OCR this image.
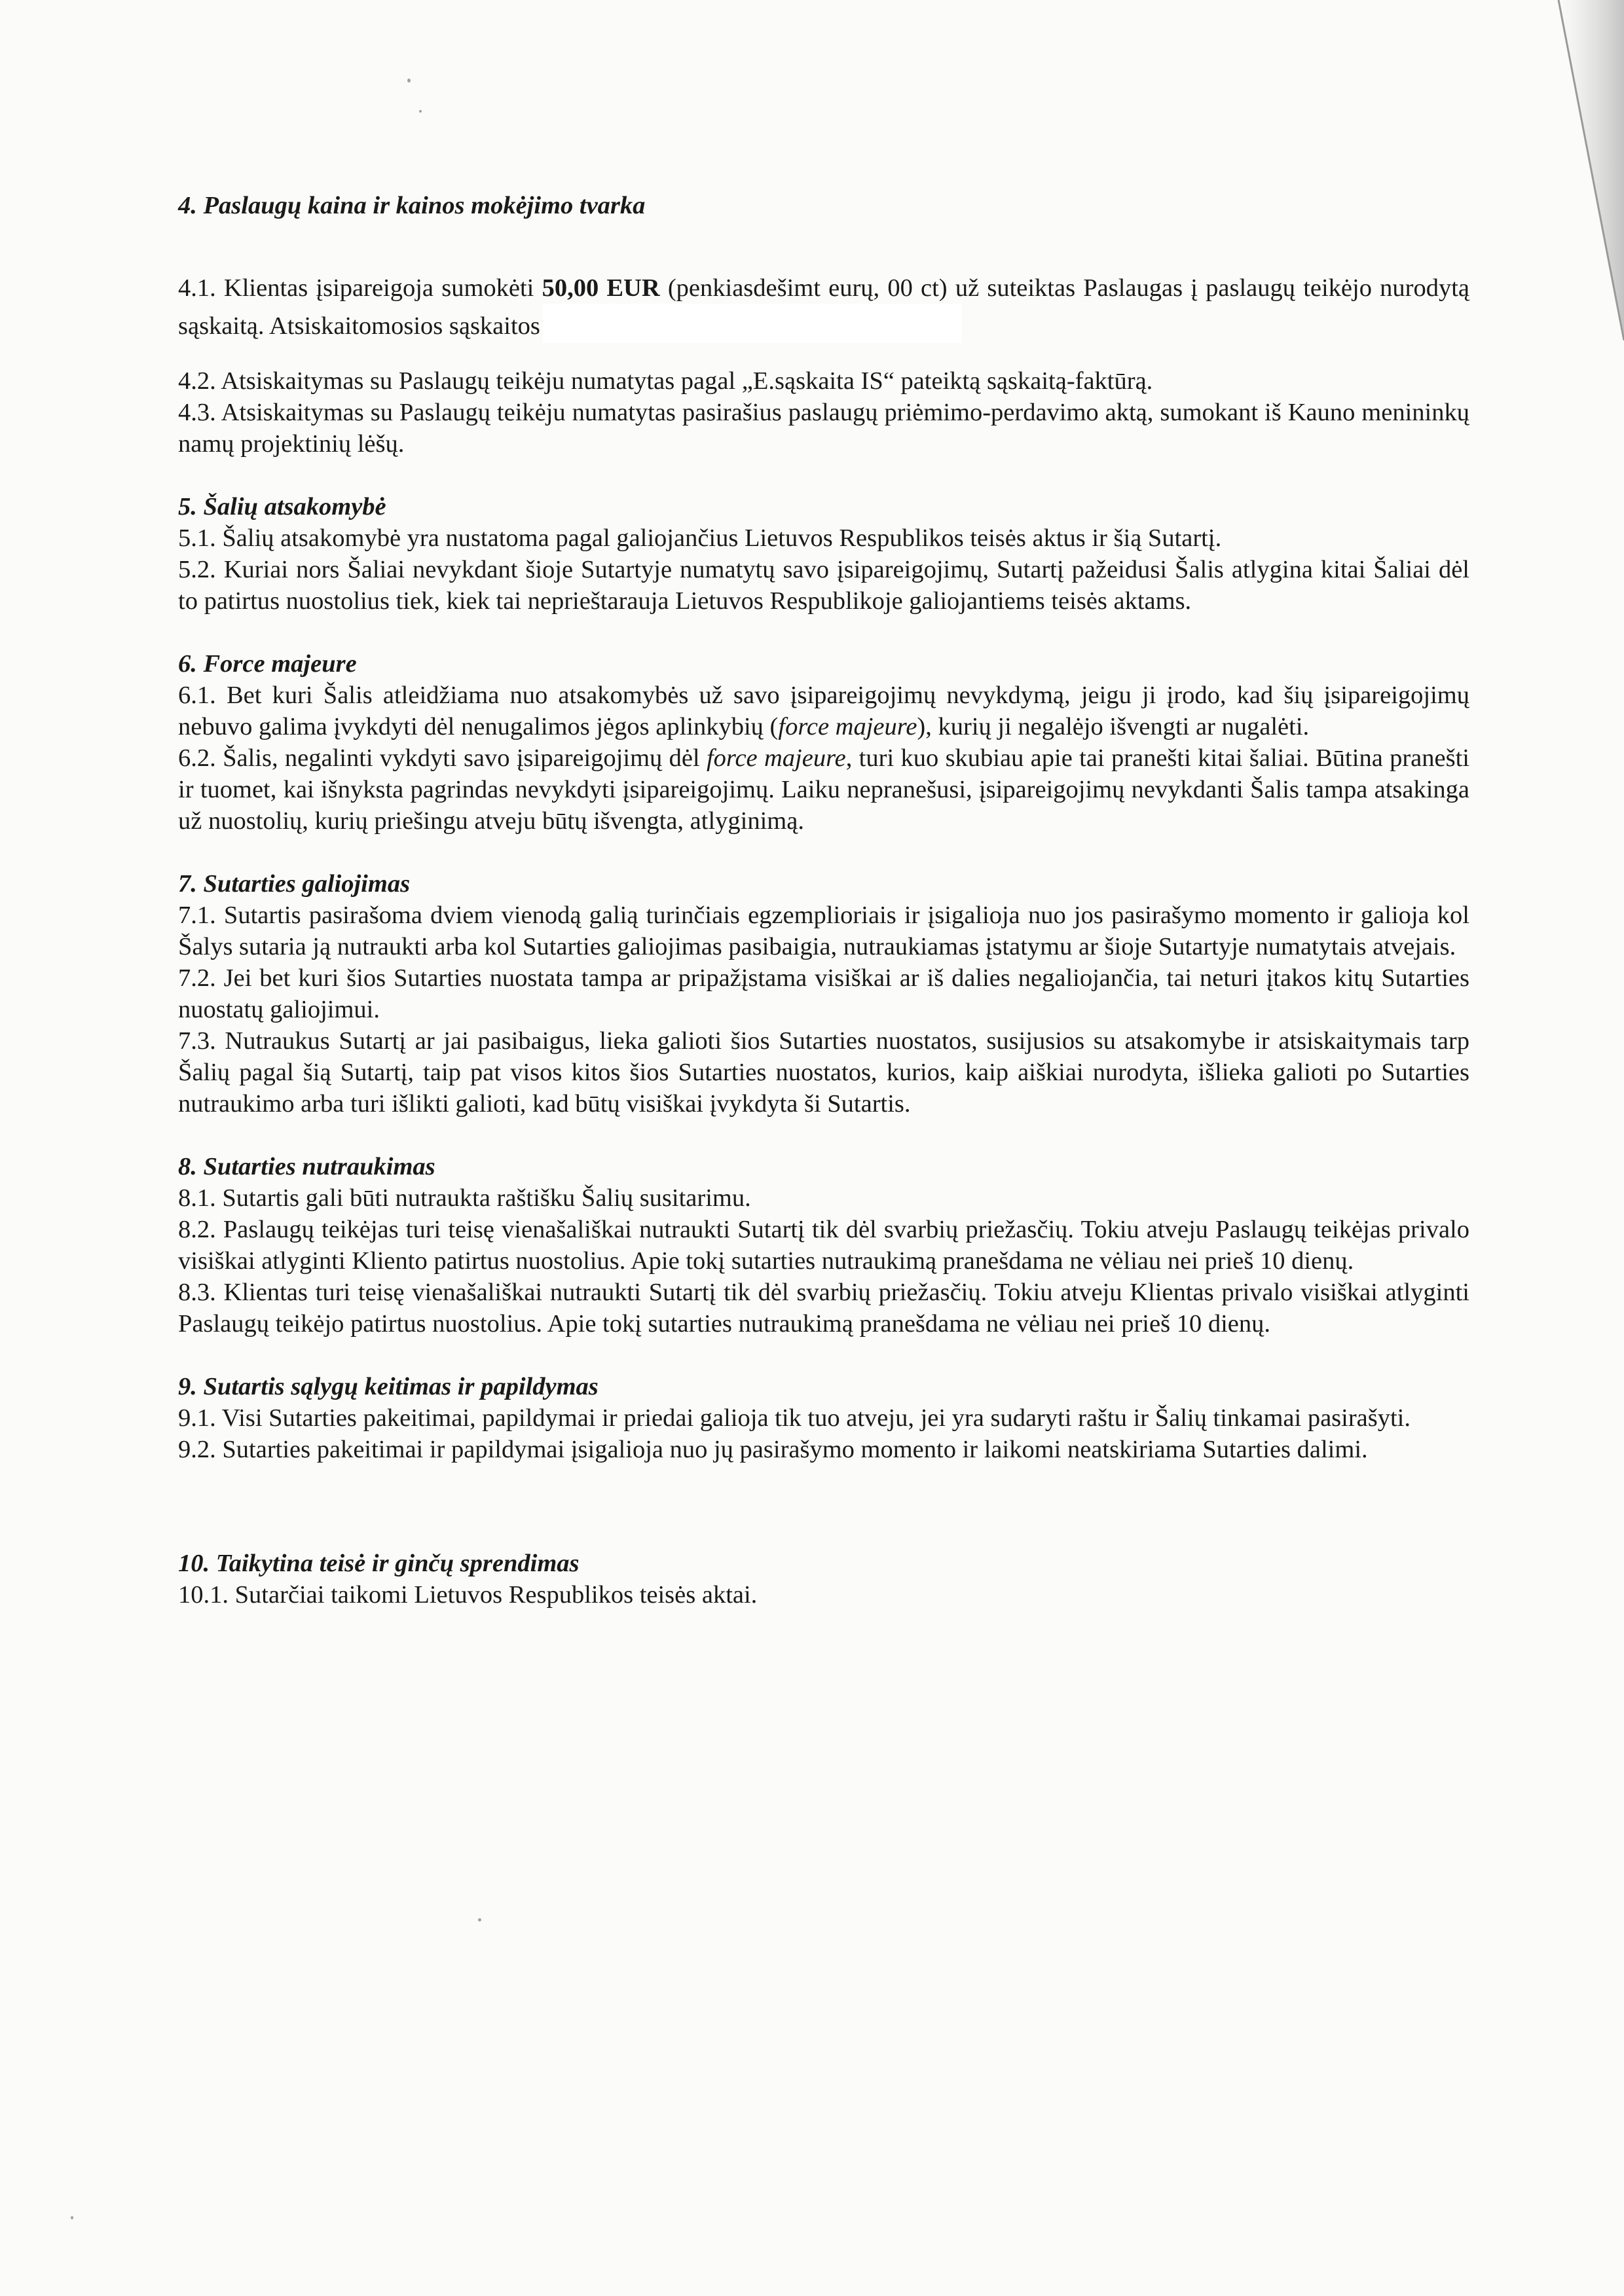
4. Paslaugų kaina ir kainos mokėjimo tvarka

4.1. Klientas įsipareigoja sumokėti 50,00 EUR (penkiasdešimt eurų, 00 ct) už suteiktas Paslaugas į paslaugų teikėjo nurodytą sąskaitą. Atsiskaitomosios sąskaitos

4.2. Atsiskaitymas su Paslaugų teikėju numatytas pagal „E.sąskaita IS“ pateiktą sąskaitą-faktūrą.

4.3. Atsiskaitymas su Paslaugų teikėju numatytas pasirašius paslaugų priėmimo-perdavimo aktą, sumokant iš Kauno menininkų namų projektinių lėšų.

5. Šalių atsakomybė

5.1. Šalių atsakomybė yra nustatoma pagal galiojančius Lietuvos Respublikos teisės aktus ir šią Sutartį.

5.2. Kuriai nors Šaliai nevykdant šioje Sutartyje numatytų savo įsipareigojimų, Sutartį pažeidusi Šalis atlygina kitai Šaliai dėl to patirtus nuostolius tiek, kiek tai neprieštarauja Lietuvos Respublikoje galiojantiems teisės aktams.

6. Force majeure

6.1. Bet kuri Šalis atleidžiama nuo atsakomybės už savo įsipareigojimų nevykdymą, jeigu ji įrodo, kad šių įsipareigojimų nebuvo galima įvykdyti dėl nenugalimos jėgos aplinkybių (force majeure), kurių ji negalėjo išvengti ar nugalėti.

6.2. Šalis, negalinti vykdyti savo įsipareigojimų dėl force majeure, turi kuo skubiau apie tai pranešti kitai šaliai. Būtina pranešti ir tuomet, kai išnyksta pagrindas nevykdyti įsipareigojimų. Laiku nepranešusi, įsipareigojimų nevykdanti Šalis tampa atsakinga už nuostolių, kurių priešingu atveju būtų išvengta, atlyginimą.

7. Sutarties galiojimas

7.1. Sutartis pasirašoma dviem vienodą galią turinčiais egzemplioriais ir įsigalioja nuo jos pasirašymo momento ir galioja kol Šalys sutaria ją nutraukti arba kol Sutarties galiojimas pasibaigia, nutraukiamas įstatymu ar šioje Sutartyje numatytais atvejais.

7.2. Jei bet kuri šios Sutarties nuostata tampa ar pripažįstama visiškai ar iš dalies negaliojančia, tai neturi įtakos kitų Sutarties nuostatų galiojimui.

7.3. Nutraukus Sutartį ar jai pasibaigus, lieka galioti šios Sutarties nuostatos, susijusios su atsakomybe ir atsiskaitymais tarp Šalių pagal šią Sutartį, taip pat visos kitos šios Sutarties nuostatos, kurios, kaip aiškiai nurodyta, išlieka galioti po Sutarties nutraukimo arba turi išlikti galioti, kad būtų visiškai įvykdyta ši Sutartis.

8. Sutarties nutraukimas

8.1. Sutartis gali būti nutraukta raštišku Šalių susitarimu.

8.2. Paslaugų teikėjas turi teisę vienašališkai nutraukti Sutartį tik dėl svarbių priežasčių. Tokiu atveju Paslaugų teikėjas privalo visiškai atlyginti Kliento patirtus nuostolius. Apie tokį sutarties nutraukimą pranešdama ne vėliau nei prieš 10 dienų.

8.3. Klientas turi teisę vienašališkai nutraukti Sutartį tik dėl svarbių priežasčių. Tokiu atveju Klientas privalo visiškai atlyginti Paslaugų teikėjo patirtus nuostolius. Apie tokį sutarties nutraukimą pranešdama ne vėliau nei prieš 10 dienų.

9. Sutartis sąlygų keitimas ir papildymas

9.1. Visi Sutarties pakeitimai, papildymai ir priedai galioja tik tuo atveju, jei yra sudaryti raštu ir Šalių tinkamai pasirašyti.

9.2. Sutarties pakeitimai ir papildymai įsigalioja nuo jų pasirašymo momento ir laikomi neatskiriama Sutarties dalimi.

10. Taikytina teisė ir ginčų sprendimas

10.1. Sutarčiai taikomi Lietuvos Respublikos teisės aktai.
